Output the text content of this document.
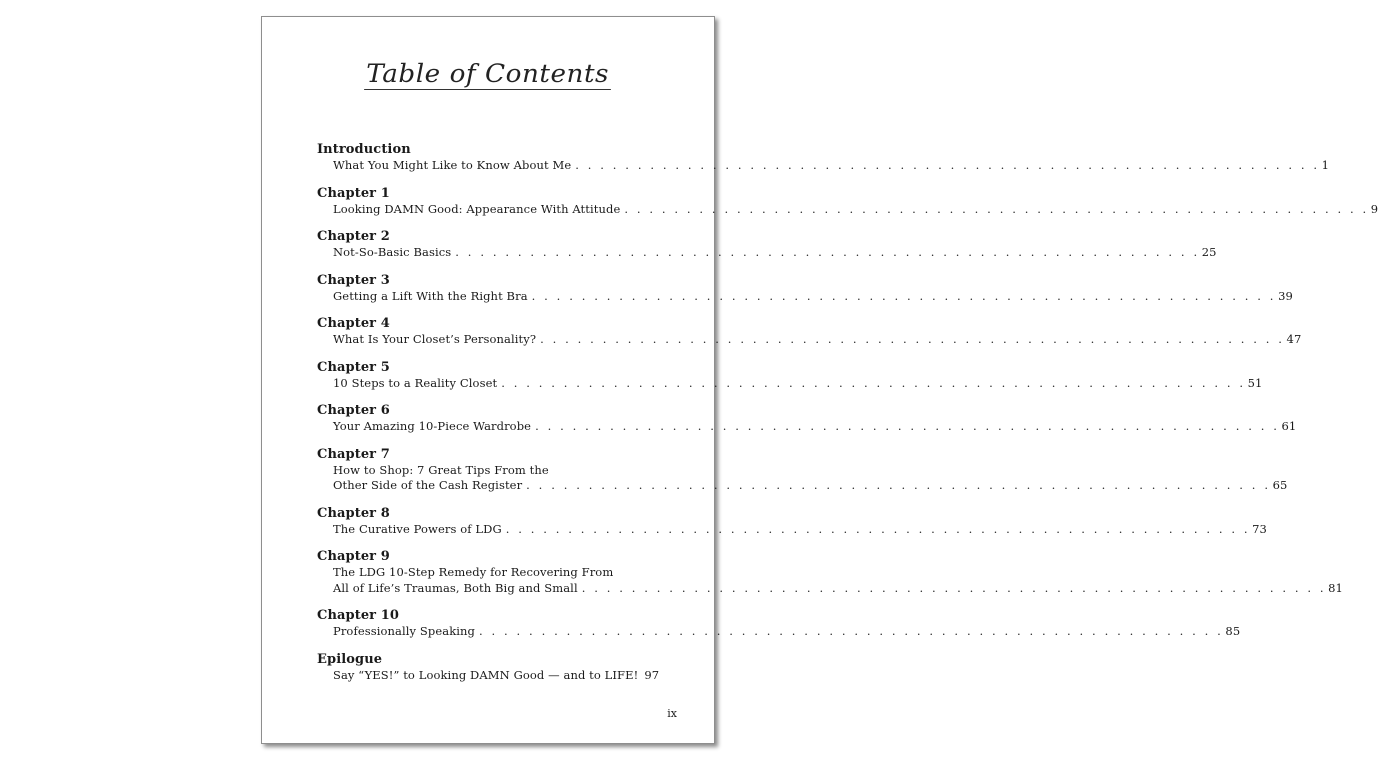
Table of Contents
Introduction
What You Might Like to Know About Me . . . . . . . . . . . . . . . . . . . . . . . . . . . . . . . . . . . . . . . . . . . . . . . . . . . . . . . . . . . . 1
Chapter 1
Looking DAMN Good: Appearance With Attitude . . . . . . . . . . . . . . . . . . . . . . . . . . . . . . . . . . . . . . . . . . . . . . . . . . . . . . . . . . . . 9
Chapter 2
Not-So-Basic Basics . . . . . . . . . . . . . . . . . . . . . . . . . . . . . . . . . . . . . . . . . . . . . . . . . . . . . . . . . . . . 25
Chapter 3
Getting a Lift With the Right Bra . . . . . . . . . . . . . . . . . . . . . . . . . . . . . . . . . . . . . . . . . . . . . . . . . . . . . . . . . . . . 39
Chapter 4
What Is Your Closet’s Personality? . . . . . . . . . . . . . . . . . . . . . . . . . . . . . . . . . . . . . . . . . . . . . . . . . . . . . . . . . . . . 47
Chapter 5
10 Steps to a Reality Closet . . . . . . . . . . . . . . . . . . . . . . . . . . . . . . . . . . . . . . . . . . . . . . . . . . . . . . . . . . . . 51
Chapter 6
Your Amazing 10-Piece Wardrobe . . . . . . . . . . . . . . . . . . . . . . . . . . . . . . . . . . . . . . . . . . . . . . . . . . . . . . . . . . . . 61
Chapter 7
How to Shop: 7 Great Tips From the
Other Side of the Cash Register . . . . . . . . . . . . . . . . . . . . . . . . . . . . . . . . . . . . . . . . . . . . . . . . . . . . . . . . . . . . 65
Chapter 8
The Curative Powers of LDG . . . . . . . . . . . . . . . . . . . . . . . . . . . . . . . . . . . . . . . . . . . . . . . . . . . . . . . . . . . . 73
Chapter 9
The LDG 10-Step Remedy for Recovering From
All of Life’s Traumas, Both Big and Small . . . . . . . . . . . . . . . . . . . . . . . . . . . . . . . . . . . . . . . . . . . . . . . . . . . . . . . . . . . . 81
Chapter 10
Professionally Speaking . . . . . . . . . . . . . . . . . . . . . . . . . . . . . . . . . . . . . . . . . . . . . . . . . . . . . . . . . . . . 85
Epilogue
Say “YES!” to Looking DAMN Good — and to LIFE! 97
ix
